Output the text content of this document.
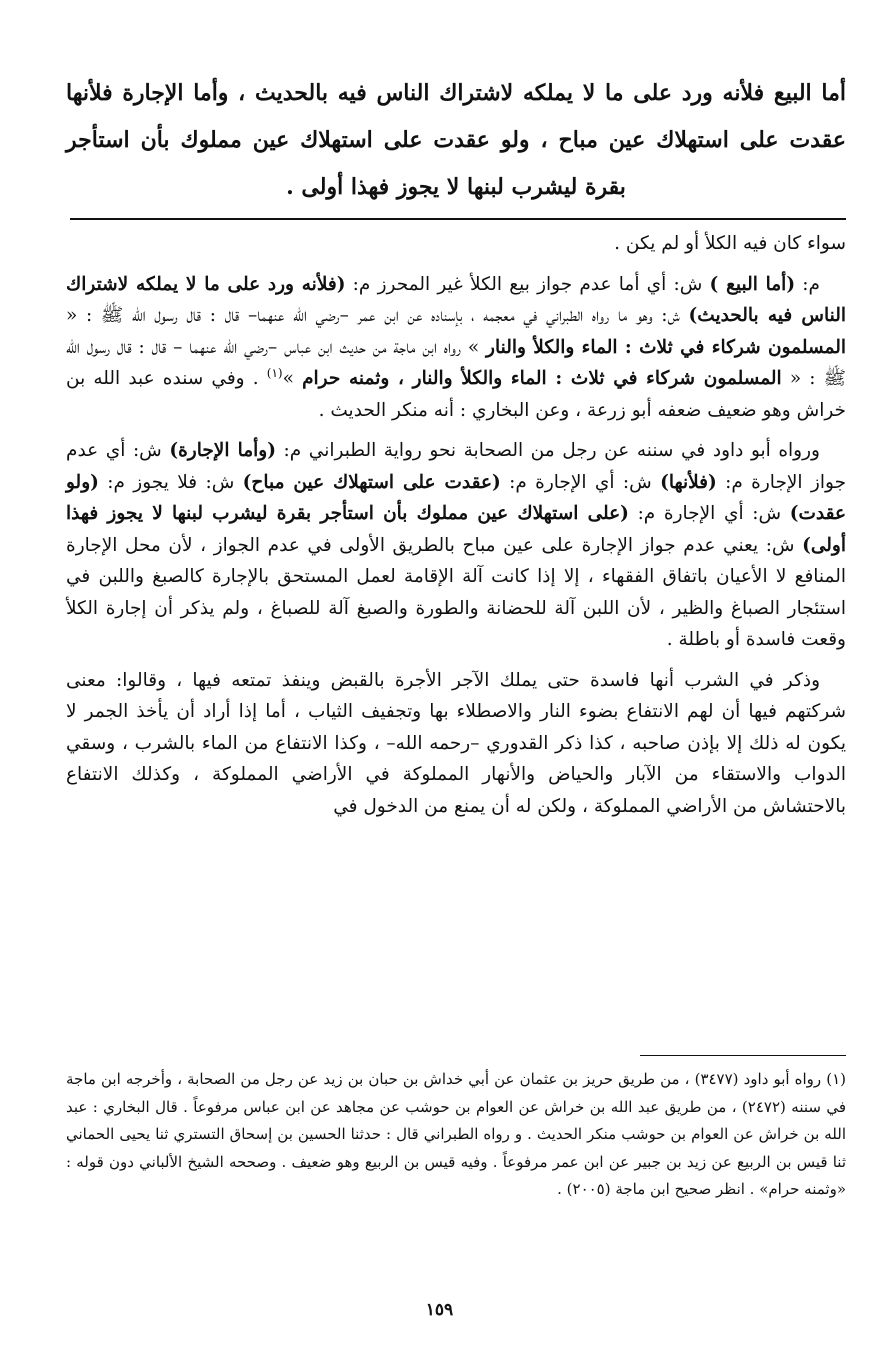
أما البيع فلأنه ورد على ما لا يملكه لاشتراك الناس فيه بالحديث ، وأما الإجارة فلأنها عقدت على استهلاك عين مباح ، ولو عقدت على استهلاك عين مملوك بأن استأجر بقرة ليشرب لبنها لا يجوز فهذا أولى .

سواء كان فيه الكلأ أو لم يكن .

م: (أما البيع ) ش: أي أما عدم جواز بيع الكلأ غير المحرز م: (فلأنه ورد على ما لا يملكه لاشتراك الناس فيه بالحديث) ش: وهو ما رواه الطبراني في معجمه ، بإسناده عن ابن عمر –رضي الله عنهما– قال : قال رسول الله ﷺ : « المسلمون شركاء في ثلاث : الماء والكلأ والنار » رواه ابن ماجة من حديث ابن عباس –رضي الله عنهما – قال : قال رسول الله ﷺ : « المسلمون شركاء في ثلاث : الماء والكلأ والنار ، وثمنه حرام »$^{(١)}$ . وفي سنده عبد الله بن خراش وهو ضعيف ضعفه أبو زرعة ، وعن البخاري : أنه منكر الحديث .

ورواه أبو داود في سننه عن رجل من الصحابة نحو رواية الطبراني م: (وأما الإجارة) ش: أي عدم جواز الإجارة م: (فلأنها) ش: أي الإجارة م: (عقدت على استهلاك عين مباح) ش: فلا يجوز م: (ولو عقدت) ش: أي الإجارة م: (على استهلاك عين مملوك بأن استأجر بقرة ليشرب لبنها لا يجوز فهذا أولى) ش: يعني عدم جواز الإجارة على عين مباح بالطريق الأولى في عدم الجواز ، لأن محل الإجارة المنافع لا الأعيان باتفاق الفقهاء ، إلا إذا كانت آلة الإقامة لعمل المستحق بالإجارة كالصبغ واللبن في استئجار الصباغ والظير ، لأن اللبن آلة للحضانة والطورة والصبغ آلة للصباغ ، ولم يذكر أن إجارة الكلأ وقعت فاسدة أو باطلة .

وذكر في الشرب أنها فاسدة حتى يملك الآجر الأجرة بالقبض وينفذ تمتعه فيها ، وقالوا: معنى شركتهم فيها أن لهم الانتفاع بضوء النار والاصطلاء بها وتجفيف الثياب ، أما إذا أراد أن يأخذ الجمر لا يكون له ذلك إلا بإذن صاحبه ، كذا ذكر القدوري –رحمه الله– ، وكذا الانتفاع من الماء بالشرب ، وسقي الدواب والاستقاء من الآبار والحياض والأنهار المملوكة في الأراضي المملوكة ، وكذلك الانتفاع بالاحتشاش من الأراضي المملوكة ، ولكن له أن يمنع من الدخول في

(١) رواه أبو داود (٣٤٧٧) ، من طريق حريز بن عثمان عن أبي خداش بن حبان بن زيد عن رجل من الصحابة ، وأخرجه ابن ماجة في سننه (٢٤٧٢) ، من طريق عبد الله بن خراش عن العوام بن حوشب عن مجاهد عن ابن عباس مرفوعاً . قال البخاري : عبد الله بن خراش عن العوام بن حوشب منكر الحديث . و رواه الطبراني قال : حدثنا الحسين بن إسحاق التستري ثنا يحيى الحماني ثنا قيس بن الربيع عن زيد بن جبير عن ابن عمر مرفوعاً . وفيه قيس بن الربيع وهو ضعيف . وصححه الشيخ الألباني دون قوله : «وثمنه حرام» . انظر صحيح ابن ماجة (٢٠٠٥) .

١٥٩
